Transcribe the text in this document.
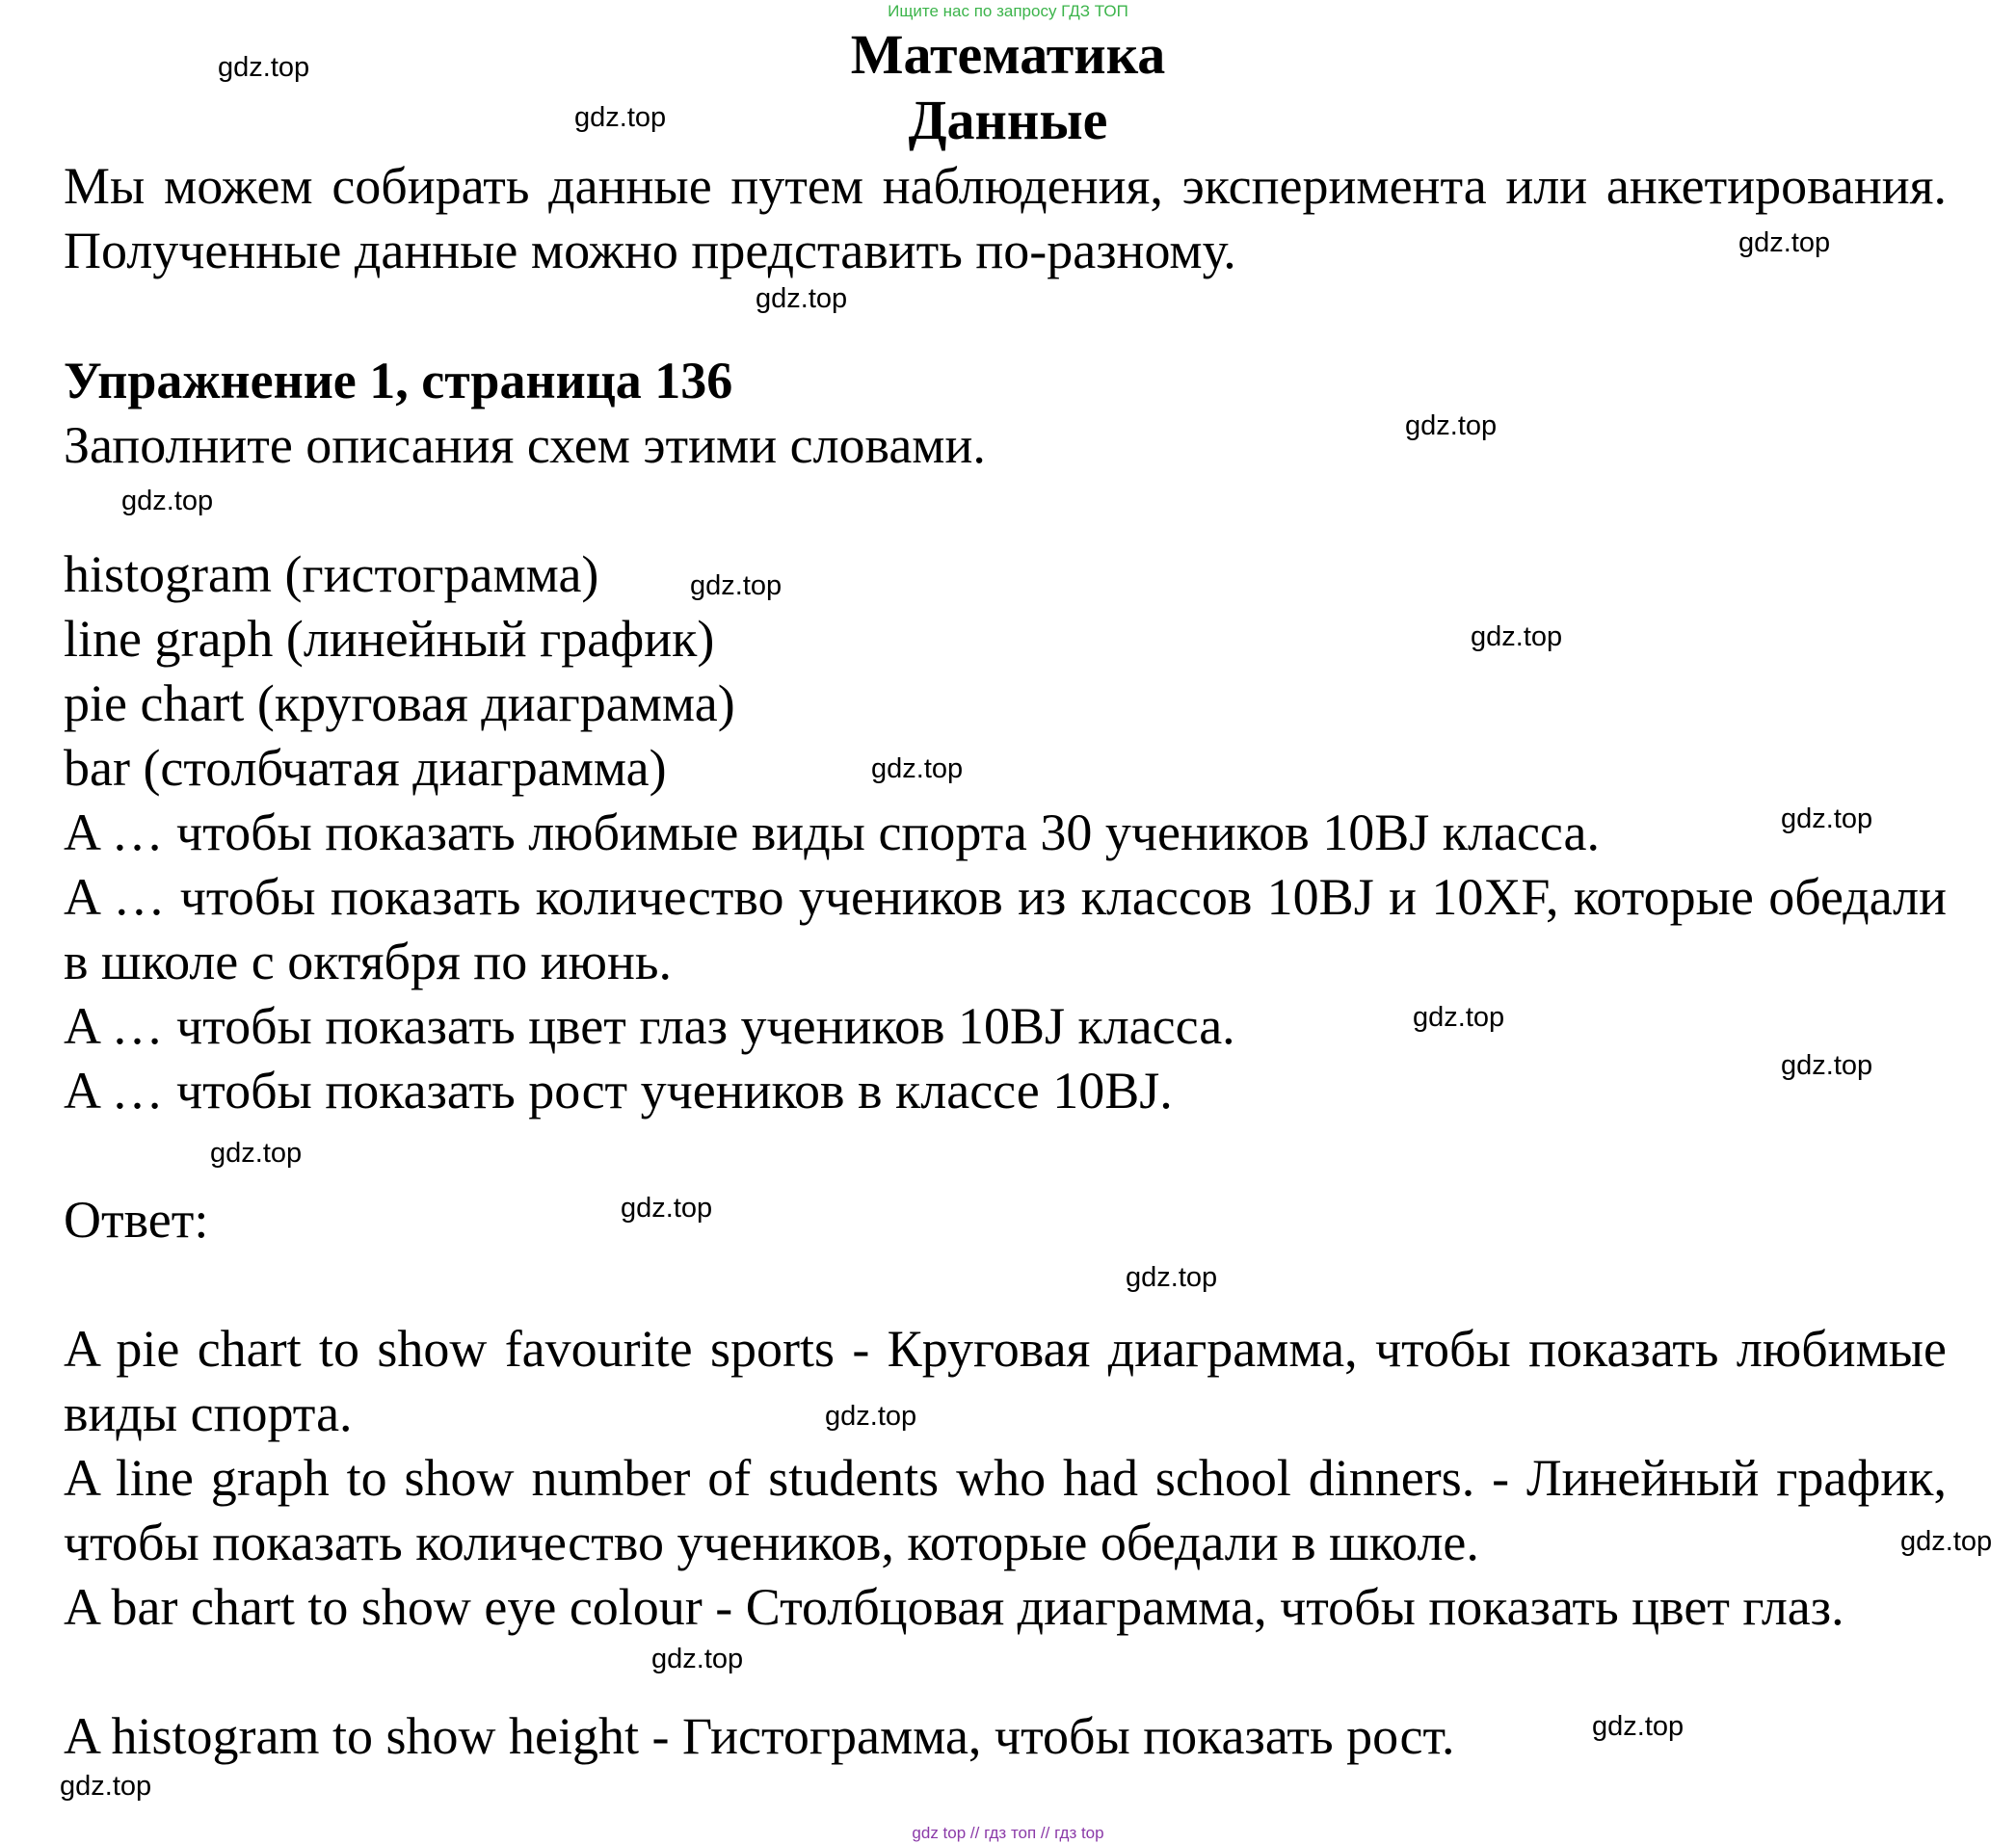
Ищите нас по запросу ГДЗ ТОП
Математика
Данные
Мы можем собирать данные путем наблюдения, эксперимента или анкетирования. Полученные данные можно представить по-разному.
Упражнение 1, страница 136
Заполните описания схем этими словами.
histogram (гистограмма)
line graph (линейный график)
pie chart (круговая диаграмма)
bar (столбчатая диаграмма)
A … чтобы показать любимые виды спорта 30 учеников 10BJ класса.
A … чтобы показать количество учеников из классов 10BJ и 10XF, которые обедали в школе с октября по июнь.
A … чтобы показать цвет глаз учеников 10BJ класса.
A … чтобы показать рост учеников в классе 10BJ.
Ответ:
A pie chart to show favourite sports - Круговая диаграмма, чтобы показать любимые виды спорта.
A line graph to show number of students who had school dinners. - Линейный график, чтобы показать количество учеников, которые обедали в школе.
A bar chart to show eye colour - Столбцовая диаграмма, чтобы показать цвет глаз.
A histogram to show height - Гистограмма, чтобы показать рост.
gdz.top
gdz.top
gdz.top
gdz.top
gdz.top
gdz.top
gdz.top
gdz.top
gdz.top
gdz.top
gdz.top
gdz.top
gdz.top
gdz.top
gdz.top
gdz.top
gdz.top
gdz.top
gdz.top
gdz.top
gdz top // гдз топ // гдз top
